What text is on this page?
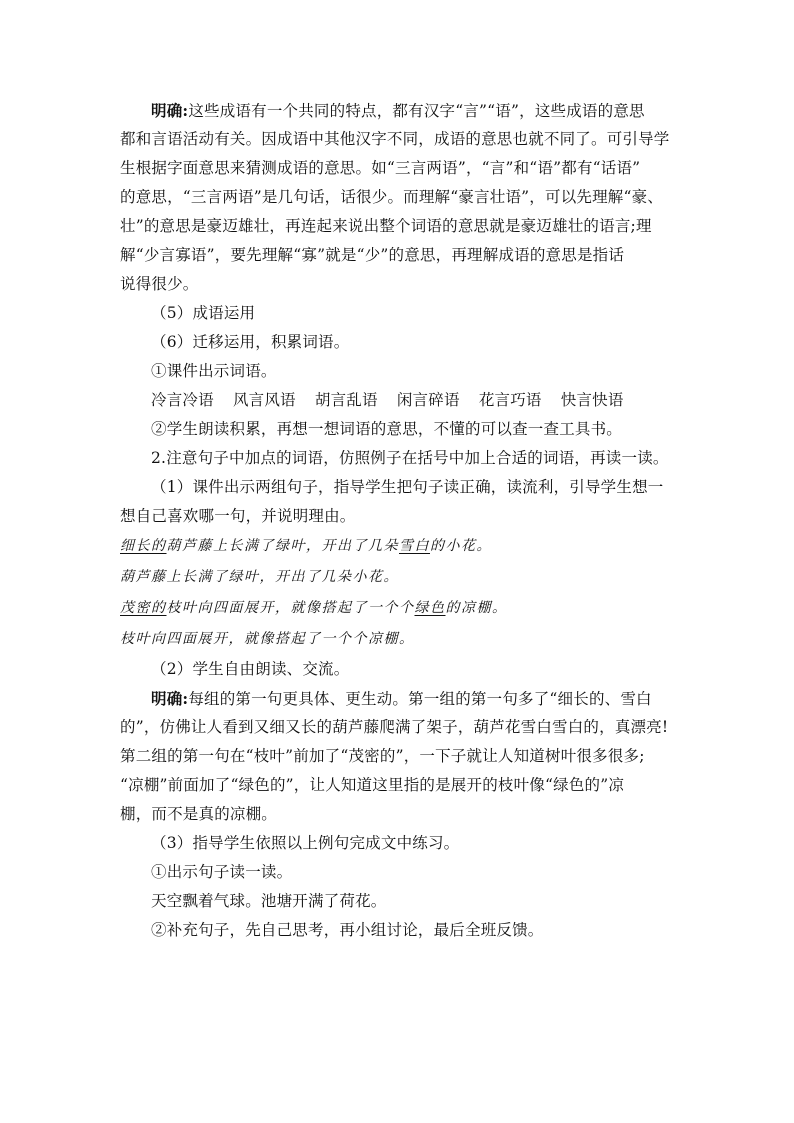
明确:这些成语有一个共同的特点，都有汉字“言”“语”，这些成语的意思
都和言语活动有关。因成语中其他汉字不同，成语的意思也就不同了。可引导学
生根据字面意思来猜测成语的意思。如“三言两语”，“言”和“语”都有“话语”
的意思，“三言两语”是几句话，话很少。而理解“豪言壮语”，可以先理解“豪、
壮”的意思是豪迈雄壮，再连起来说出整个词语的意思就是豪迈雄壮的语言;理
解“少言寡语”，要先理解“寡”就是“少”的意思，再理解成语的意思是指话
说得很少。
（5）成语运用
（6）迁移运用，积累词语。
①课件出示词语。
冷言冷语 风言风语 胡言乱语 闲言碎语 花言巧语 快言快语
②学生朗读积累，再想一想词语的意思，不懂的可以查一查工具书。
2.注意句子中加点的词语，仿照例子在括号中加上合适的词语，再读一读。
（1）课件出示两组句子，指导学生把句子读正确，读流利，引导学生想一
想自己喜欢哪一句，并说明理由。
细长的葫芦藤上长满了绿叶，开出了几朵雪白的小花。
葫芦藤上长满了绿叶，开出了几朵小花。
茂密的枝叶向四面展开，就像搭起了一个个绿色的凉棚。
枝叶向四面展开，就像搭起了一个个凉棚。
（2）学生自由朗读、交流。
明确:每组的第一句更具体、更生动。第一组的第一句多了“细长的、雪白
的”，仿佛让人看到又细又长的葫芦藤爬满了架子，葫芦花雪白雪白的，真漂亮!
第二组的第一句在“枝叶”前加了“茂密的”，一下子就让人知道树叶很多很多;
“凉棚”前面加了“绿色的”，让人知道这里指的是展开的枝叶像“绿色的”凉
棚，而不是真的凉棚。
（3）指导学生依照以上例句完成文中练习。
①出示句子读一读。
天空飘着气球。池塘开满了荷花。
②补充句子，先自己思考，再小组讨论，最后全班反馈。
